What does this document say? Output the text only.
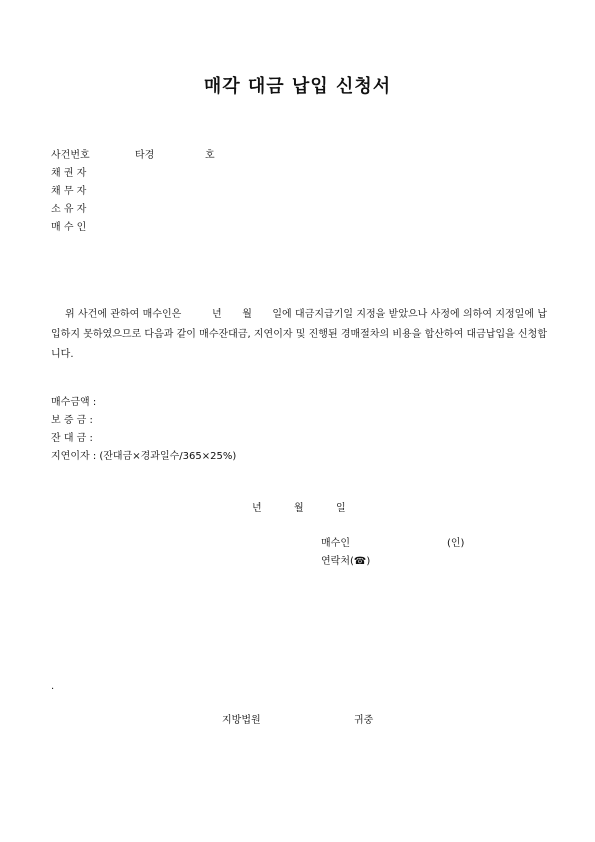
매각 대금 납입 신청서
사건번호	타경	호
채 권 자
채 무 자
소 유 자
매 수 인
위 사건에 관하여 매수인은　　　년　　월　　일에 대금지급기일 지정을 받았으나 사정에 의하여 지정일에 납입하지 못하였으므로 다음과 같이 매수잔대금, 지연이자 및 진행된 경매절차의 비용을 합산하여 대금납입을 신청합니다.
매수금액 :
보 증 금 :
잔 대 금 :
지연이자 : (잔대금×경과일수/365×25%)
년	월	일
매수인	(인)
연락처(☎)
.
지방법원	귀중
